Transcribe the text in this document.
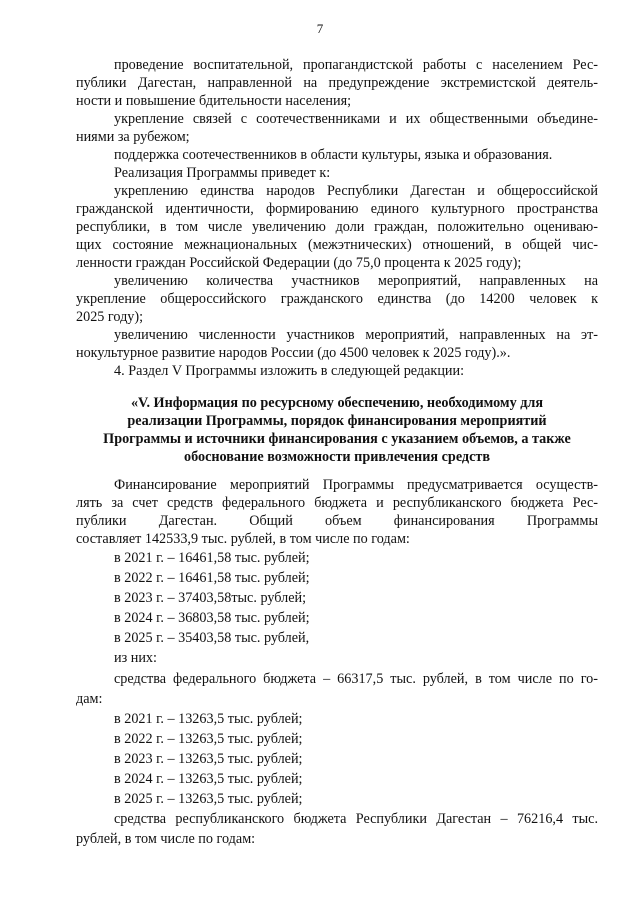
7
проведение воспитательной, пропагандистской работы с населением Рес-
публики Дагестан, направленной на предупреждение экстремистской деятель-
ности и повышение бдительности населения;
укрепление связей с соотечественниками и их общественными объедине-
ниями за рубежом;
поддержка соотечественников в области культуры, языка и образования.
Реализация Программы приведет к:
укреплению единства народов Республики Дагестан и общероссийской
гражданской идентичности, формированию единого культурного пространства
республики, в том числе увеличению доли граждан, положительно оцениваю-
щих состояние межнациональных (межэтнических) отношений, в общей чис-
ленности граждан Российской Федерации (до 75,0 процента к 2025 году);
увеличению количества участников мероприятий, направленных на
укрепление общероссийского гражданского единства (до 14200 человек к
2025 году);
увеличению численности участников мероприятий, направленных на эт-
нокультурное развитие народов России (до 4500 человек к 2025 году).».
4. Раздел V Программы изложить в следующей редакции:
«V. Информация по ресурсному обеспечению, необходимому для
реализации Программы, порядок финансирования мероприятий
Программы и источники финансирования с указанием объемов, а также
обоснование возможности привлечения средств
Финансирование мероприятий Программы предусматривается осуществ-
лять за счет средств федерального бюджета и республиканского бюджета Рес-
публики Дагестан. Общий объем финансирования Программы
составляет 142533,9 тыс. рублей, в том числе по годам:
в 2021 г. – 16461,58 тыс. рублей;
в 2022 г. – 16461,58 тыс. рублей;
в 2023 г. – 37403,58тыс. рублей;
в 2024 г. – 36803,58 тыс. рублей;
в 2025 г. – 35403,58 тыс. рублей,
из них:
средства федерального бюджета – 66317,5 тыс. рублей, в том числе по го-
дам:
в 2021 г. – 13263,5 тыс. рублей;
в 2022 г. – 13263,5 тыс. рублей;
в 2023 г. – 13263,5 тыс. рублей;
в 2024 г. – 13263,5 тыс. рублей;
в 2025 г. – 13263,5 тыс. рублей;
средства республиканского бюджета Республики Дагестан – 76216,4 тыс.
рублей, в том числе по годам:
